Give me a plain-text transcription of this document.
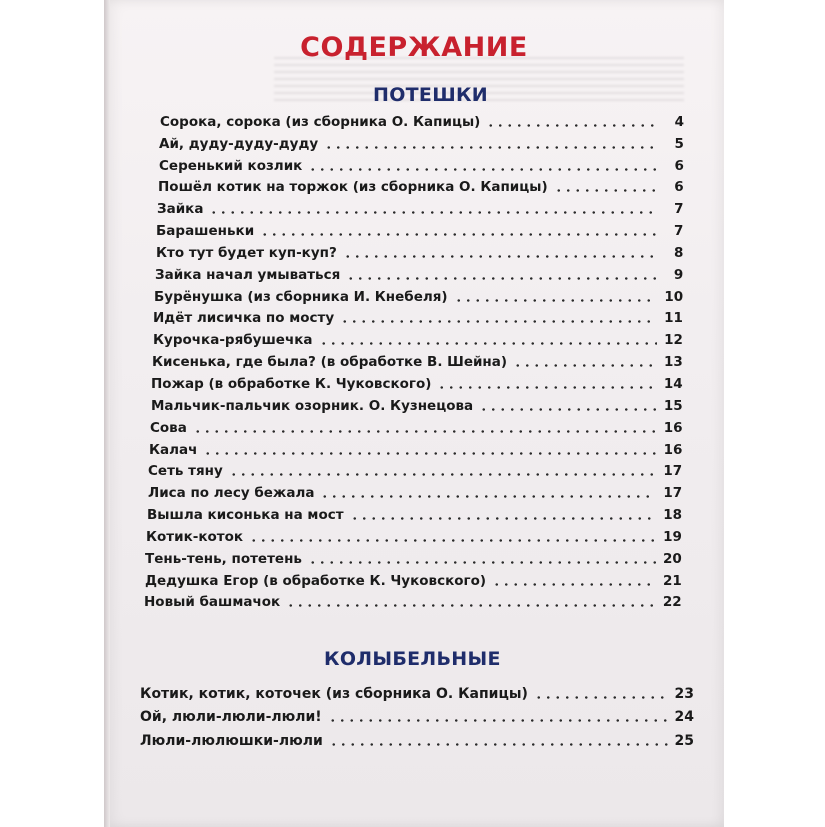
СОДЕРЖАНИЕ
ПОТЕШКИ
Сорока, сорока (из сборника О. Капицы)	4
Ай, дуду-дуду-дуду	5
Серенький козлик	6
Пошёл котик на торжок (из сборника О. Капицы)	6
Зайка	7
Барашеньки	7
Кто тут будет куп-куп?	8
Зайка начал умываться	9
Бурёнушка (из сборника И. Кнебеля)	10
Идёт лисичка по мосту	11
Курочка-рябушечка	12
Кисенька, где была? (в обработке В. Шейна)	13
Пожар (в обработке К. Чуковского)	14
Мальчик-пальчик озорник. О. Кузнецова	15
Сова	16
Калач	16
Сеть тяну	17
Лиса по лесу бежала	17
Вышла кисонька на мост	18
Котик-коток	19
Тень-тень, потетень	20
Дедушка Егор (в обработке К. Чуковского)	21
Новый башмачок	22
КОЛЫБЕЛЬНЫЕ
Котик, котик, коточек (из сборника О. Капицы)	23
Ой, люли-люли-люли!	24
Люли-люлюшки-люли	25
